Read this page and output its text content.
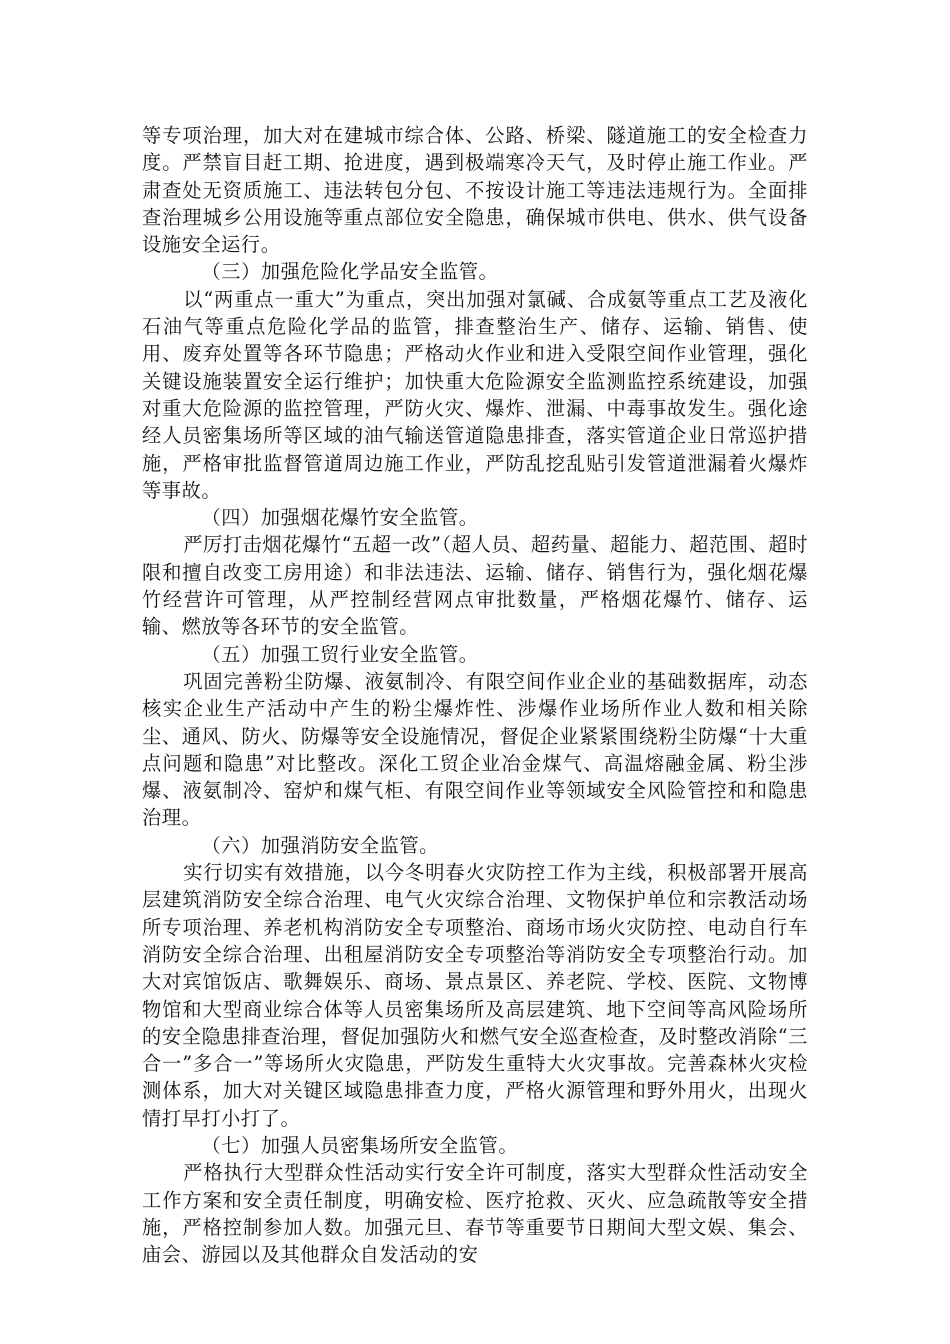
等专项治理，加大对在建城市综合体、公路、桥梁、隧道施工的安全检查力度。严禁盲目赶工期、抢进度，遇到极端寒冷天气，及时停止施工作业。严肃查处无资质施工、违法转包分包、不按设计施工等违法违规行为。全面排查治理城乡公用设施等重点部位安全隐患，确保城市供电、供水、供气设备设施安全运行。

（三）加强危险化学品安全监管。

以“两重点一重大”为重点，突出加强对氯碱、合成氨等重点工艺及液化石油气等重点危险化学品的监管，排查整治生产、储存、运输、销售、使用、废弃处置等各环节隐患；严格动火作业和进入受限空间作业管理，强化关键设施装置安全运行维护；加快重大危险源安全监测监控系统建设，加强对重大危险源的监控管理，严防火灾、爆炸、泄漏、中毒事故发生。强化途经人员密集场所等区域的油气输送管道隐患排查，落实管道企业日常巡护措施，严格审批监督管道周边施工作业，严防乱挖乱贴引发管道泄漏着火爆炸等事故。

（四）加强烟花爆竹安全监管。

严厉打击烟花爆竹“五超一改”（超人员、超药量、超能力、超范围、超时限和擅自改变工房用途）和非法违法、运输、储存、销售行为，强化烟花爆竹经营许可管理，从严控制经营网点审批数量，严格烟花爆竹、储存、运输、燃放等各环节的安全监管。

（五）加强工贸行业安全监管。

巩固完善粉尘防爆、液氨制冷、有限空间作业企业的基础数据库，动态核实企业生产活动中产生的粉尘爆炸性、涉爆作业场所作业人数和相关除尘、通风、防火、防爆等安全设施情况，督促企业紧紧围绕粉尘防爆“十大重点问题和隐患”对比整改。深化工贸企业冶金煤气、高温熔融金属、粉尘涉爆、液氨制冷、窑炉和煤气柜、有限空间作业等领域安全风险管控和和隐患治理。

（六）加强消防安全监管。

实行切实有效措施，以今冬明春火灾防控工作为主线，积极部署开展高层建筑消防安全综合治理、电气火灾综合治理、文物保护单位和宗教活动场所专项治理、养老机构消防安全专项整治、商场市场火灾防控、电动自行车消防安全综合治理、出租屋消防安全专项整治等消防安全专项整治行动。加大对宾馆饭店、歌舞娱乐、商场、景点景区、养老院、学校、医院、文物博物馆和大型商业综合体等人员密集场所及高层建筑、地下空间等高风险场所的安全隐患排查治理，督促加强防火和燃气安全巡查检查，及时整改消除“三合一”多合一”等场所火灾隐患，严防发生重特大火灾事故。完善森林火灾检测体系，加大对关键区域隐患排查力度，严格火源管理和野外用火，出现火情打早打小打了。

（七）加强人员密集场所安全监管。

严格执行大型群众性活动实行安全许可制度，落实大型群众性活动安全工作方案和安全责任制度，明确安检、医疗抢救、灭火、应急疏散等安全措施，严格控制参加人数。加强元旦、春节等重要节日期间大型文娱、集会、庙会、游园以及其他群众自发活动的安
